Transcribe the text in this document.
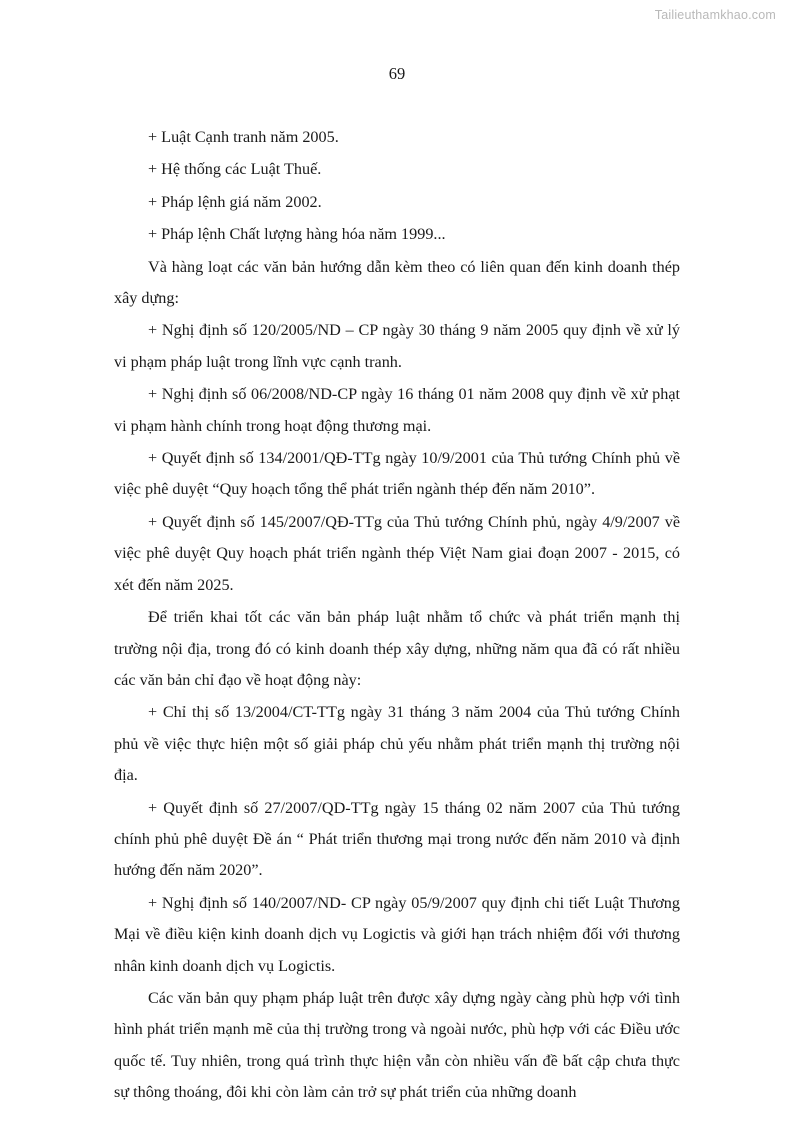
Tailieuthamkhao.com
69

+ Luật Cạnh tranh năm 2005.

+ Hệ thống các Luật Thuế.

+ Pháp lệnh giá năm 2002.

+ Pháp lệnh Chất lượng hàng hóa năm 1999...

Và hàng loạt các văn bản hướng dẫn kèm theo có liên quan đến kinh doanh thép xây dựng:

+ Nghị định số 120/2005/ND – CP ngày 30 tháng 9 năm 2005 quy định về xử lý vi phạm pháp luật trong lĩnh vực cạnh tranh.

+ Nghị định số 06/2008/ND-CP ngày 16 tháng 01 năm 2008 quy định về xử phạt vi phạm hành chính trong hoạt động thương mại.

+ Quyết định số 134/2001/QĐ-TTg ngày 10/9/2001 của Thủ tướng Chính phủ về việc phê duyệt “Quy hoạch tổng thể phát triển ngành thép đến năm 2010”.

+ Quyết định số 145/2007/QĐ-TTg của Thủ tướng Chính phủ, ngày 4/9/2007 về việc phê duyệt Quy hoạch phát triển ngành thép Việt Nam giai đoạn 2007 - 2015, có xét đến năm 2025.

Để triển khai tốt các văn bản pháp luật nhằm tổ chức và phát triển mạnh thị trường nội địa, trong đó có kinh doanh thép xây dựng, những năm qua đã có rất nhiều các văn bản chỉ đạo về hoạt động này:

+ Chỉ thị số 13/2004/CT-TTg ngày 31 tháng 3 năm 2004 của Thủ tướng Chính phủ về việc thực hiện một số giải pháp chủ yếu nhằm phát triển mạnh thị trường nội địa.

+ Quyết định số 27/2007/QD-TTg ngày 15 tháng 02 năm 2007 của Thủ tướng chính phủ phê duyệt Đề án “ Phát triển thương mại trong nước đến năm 2010 và định hướng đến năm 2020”.

+ Nghị định số 140/2007/ND- CP ngày 05/9/2007 quy định chi tiết Luật Thương Mại về điều kiện kinh doanh dịch vụ Logictis và giới hạn trách nhiệm đối với thương nhân kinh doanh dịch vụ Logictis.

Các văn bản quy phạm pháp luật trên được xây dựng ngày càng phù hợp với tình hình phát triển mạnh mẽ của thị trường trong và ngoài nước, phù hợp với các Điều ước quốc tế. Tuy nhiên, trong quá trình thực hiện vẫn còn nhiều vấn đề bất cập chưa thực sự thông thoáng, đôi khi còn làm cản trở sự phát triển của những doanh
